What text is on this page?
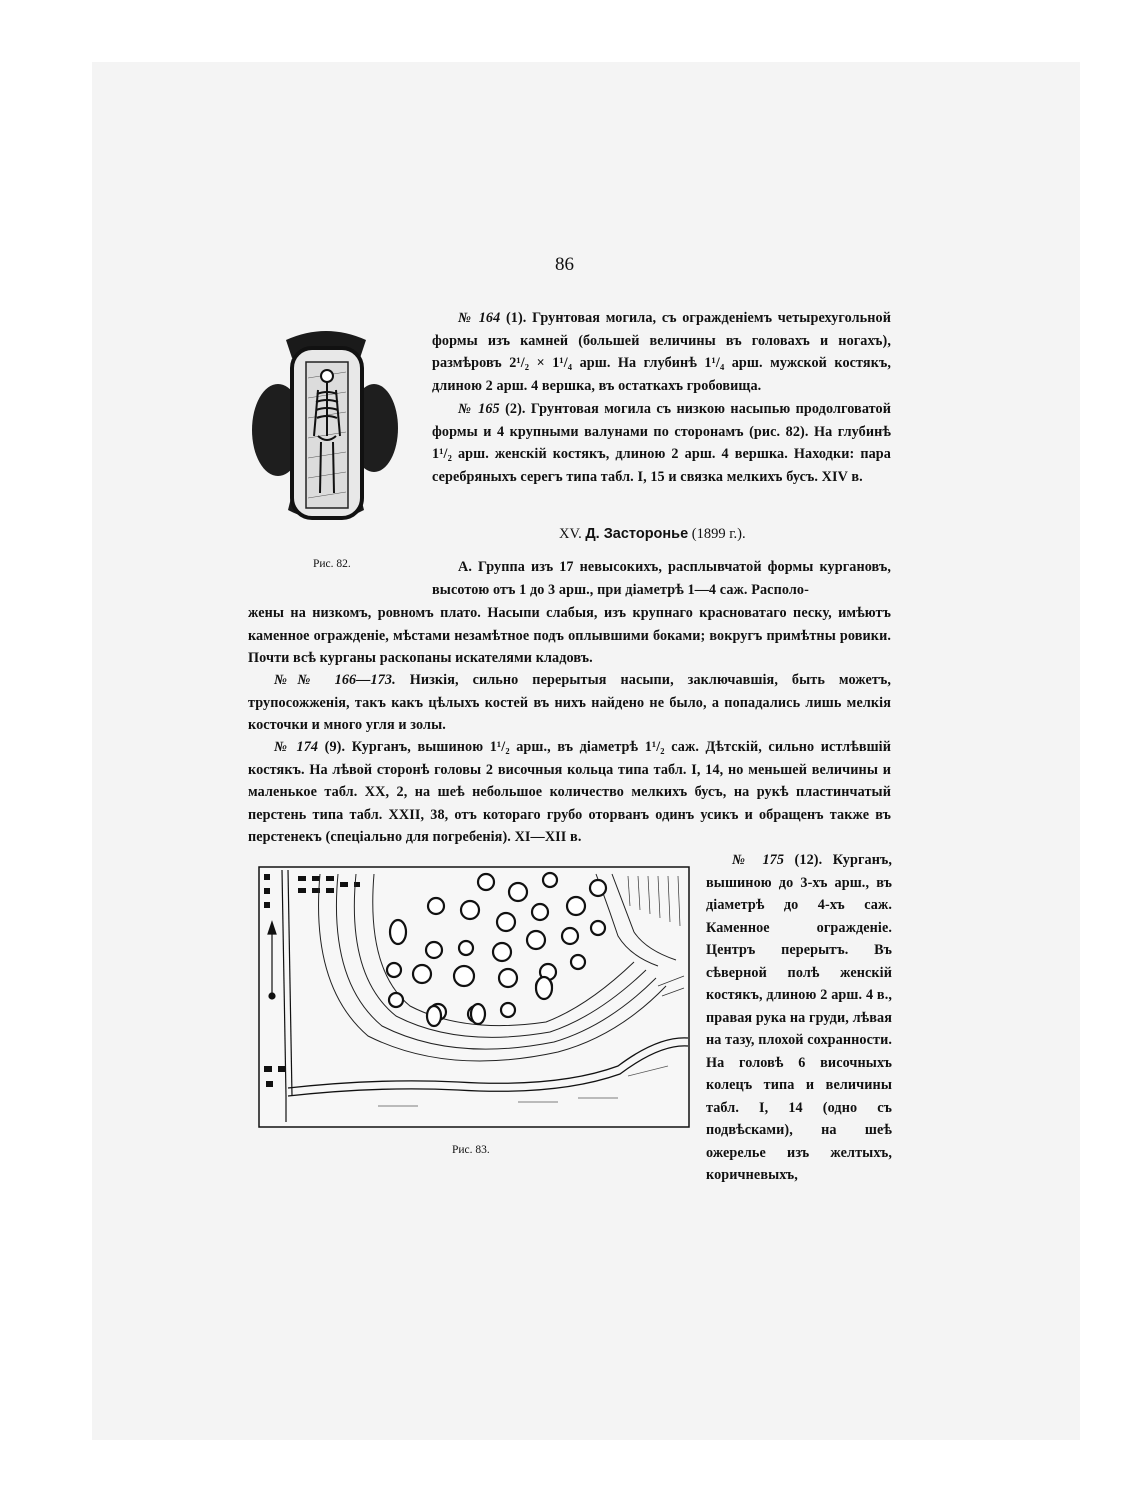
86
Рис. 82.
№ 164 (1). Грунтовая могила, съ огражденіемъ четырехугольной формы изъ камней (большей величины въ головахъ и ногахъ), размѣровъ 2¹/₂ × 1¹/₄ арш. На глубинѣ 1¹/₄ арш. мужской костякъ, длиною 2 арш. 4 вершка, въ остаткахъ гробовища.
№ 165 (2). Грунтовая могила съ низкою насыпью продолговатой формы и 4 крупными валунами по сторонамъ (рис. 82). На глубинѣ 1¹/₂ арш. женскій костякъ, длиною 2 арш. 4 вершка. Находки: пара серебряныхъ серегъ типа табл. I, 15 и связка мелкихъ бусъ. XIV в.
XV. Д. Засторонье (1899 г.).
А. Группа изъ 17 невысокихъ, расплывчатой формы кургановъ, высотою отъ 1 до 3 арш., при діаметрѣ 1—4 саж. Располо-
жены на низкомъ, ровномъ плато. Насыпи слабыя, изъ крупнаго красноватаго песку, имѣютъ каменное огражденіе, мѣстами незамѣтное подъ оплывшими боками; вокругъ примѣтны ровики. Почти всѣ курганы раскопаны искателями кладовъ.
№№ 166—173. Низкія, сильно перерытыя насыпи, заключавшія, быть можетъ, трупосожженія, такъ какъ цѣлыхъ костей въ нихъ найдено не было, а попадались лишь мелкія косточки и много угля и золы.
№ 174 (9). Курганъ, вышиною 1¹/₂ арш., въ діаметрѣ 1¹/₂ саж. Дѣтскій, сильно истлѣвшій костякъ. На лѣвой сторонѣ головы 2 височныя кольца типа табл. I, 14, но меньшей величины и маленькое табл. XX, 2, на шеѣ небольшое количество мелкихъ бусъ, на рукѣ пластинчатый перстень типа табл. XXII, 38, отъ котораго грубо оторванъ одинъ усикъ и обращенъ также въ перстенекъ (спеціально для погребенія). XI—XII в.
№ 175 (12). Курганъ, вышиною до 3-хъ арш., въ діаметрѣ до 4-хъ саж. Каменное огражденіе. Центръ перерытъ. Въ сѣверной полѣ женскій костякъ, длиною 2 арш. 4 в., правая рука на груди, лѣвая на тазу, плохой сохранности. На головѣ 6 височныхъ колецъ типа и величины табл. I, 14 (одно съ подвѣсками), на шеѣ ожерелье изъ желтыхъ, коричневыхъ,
Рис. 83.
